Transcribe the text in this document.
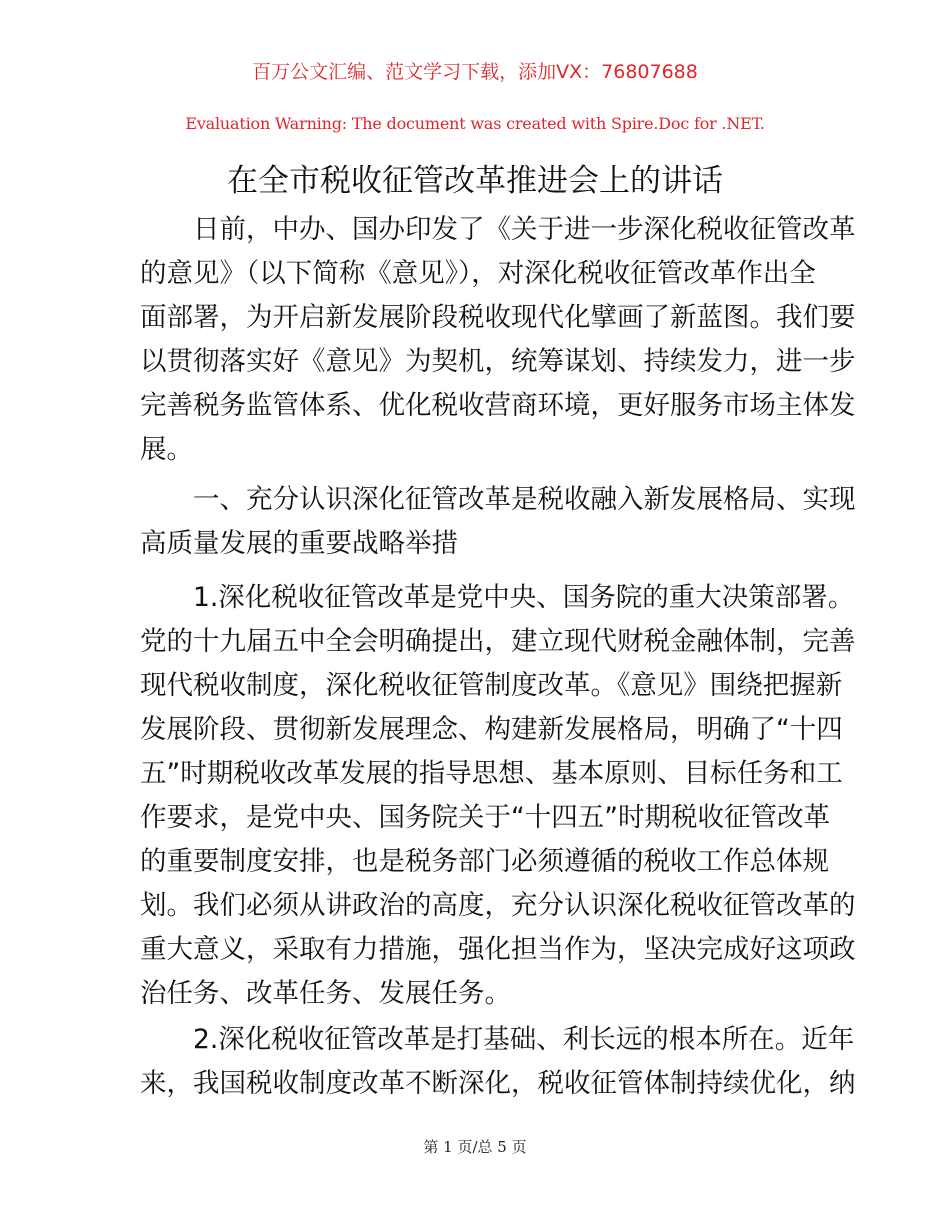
百万公文汇编、范文学习下载，添加VX：76807688
Evaluation Warning: The document was created with Spire.Doc for .NET.
在全市税收征管改革推进会上的讲话
　　日前，中办、国办印发了《关于进一步深化税收征管改革
的意见》（以下简称《意见》），对深化税收征管改革作出全
面部署，为开启新发展阶段税收现代化擘画了新蓝图。我们要
以贯彻落实好《意见》为契机，统筹谋划、持续发力，进一步
完善税务监管体系、优化税收营商环境，更好服务市场主体发
展。
　　一、充分认识深化征管改革是税收融入新发展格局、实现
高质量发展的重要战略举措
　　1.深化税收征管改革是党中央、国务院的重大决策部署。
党的十九届五中全会明确提出，建立现代财税金融体制，完善
现代税收制度，深化税收征管制度改革。《意见》围绕把握新
发展阶段、贯彻新发展理念、构建新发展格局，明确了“十四
五”时期税收改革发展的指导思想、基本原则、目标任务和工
作要求，是党中央、国务院关于“十四五”时期税收征管改革
的重要制度安排，也是税务部门必须遵循的税收工作总体规
划。我们必须从讲政治的高度，充分认识深化税收征管改革的
重大意义，采取有力措施，强化担当作为，坚决完成好这项政
治任务、改革任务、发展任务。
　　2.深化税收征管改革是打基础、利长远的根本所在。近年
来，我国税收制度改革不断深化，税收征管体制持续优化，纳
第 1 页/总 5 页
